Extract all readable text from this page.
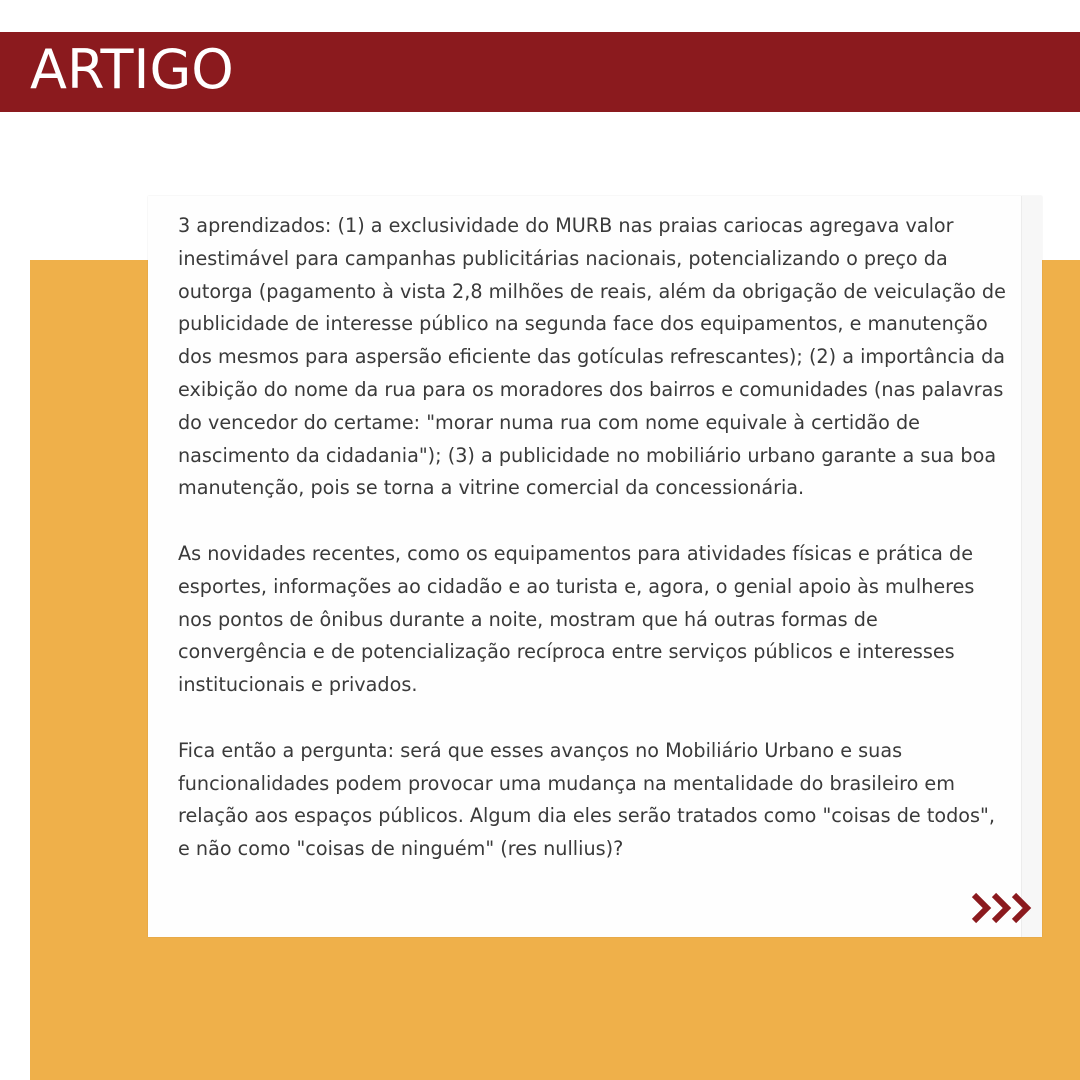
ARTIGO

3 aprendizados: (1) a exclusividade do MURB nas praias cariocas agregava valor inestimável para campanhas publicitárias nacionais, potencializando o preço da outorga (pagamento à vista 2,8 milhões de reais, além da obrigação de veiculação de publicidade de interesse público na segunda face dos equipamentos, e manutenção dos mesmos para aspersão eficiente das gotículas refrescantes); (2) a importância da exibição do nome da rua para os moradores dos bairros e comunidades (nas palavras do vencedor do certame: "morar numa rua com nome equivale à certidão de nascimento da cidadania"); (3) a publicidade no mobiliário urbano garante a sua boa manutenção, pois se torna a vitrine comercial da concessionária.

As novidades recentes, como os equipamentos para atividades físicas e prática de esportes, informações ao cidadão e ao turista e, agora, o genial apoio às mulheres nos pontos de ônibus durante a noite, mostram que há outras formas de convergência e de potencialização recíproca entre serviços públicos e interesses institucionais e privados.

Fica então a pergunta: será que esses avanços no Mobiliário Urbano e suas funcionalidades podem provocar uma mudança na mentalidade do brasileiro em relação aos espaços públicos. Algum dia eles serão tratados como "coisas de todos", e não como "coisas de ninguém" (res nullius)?
